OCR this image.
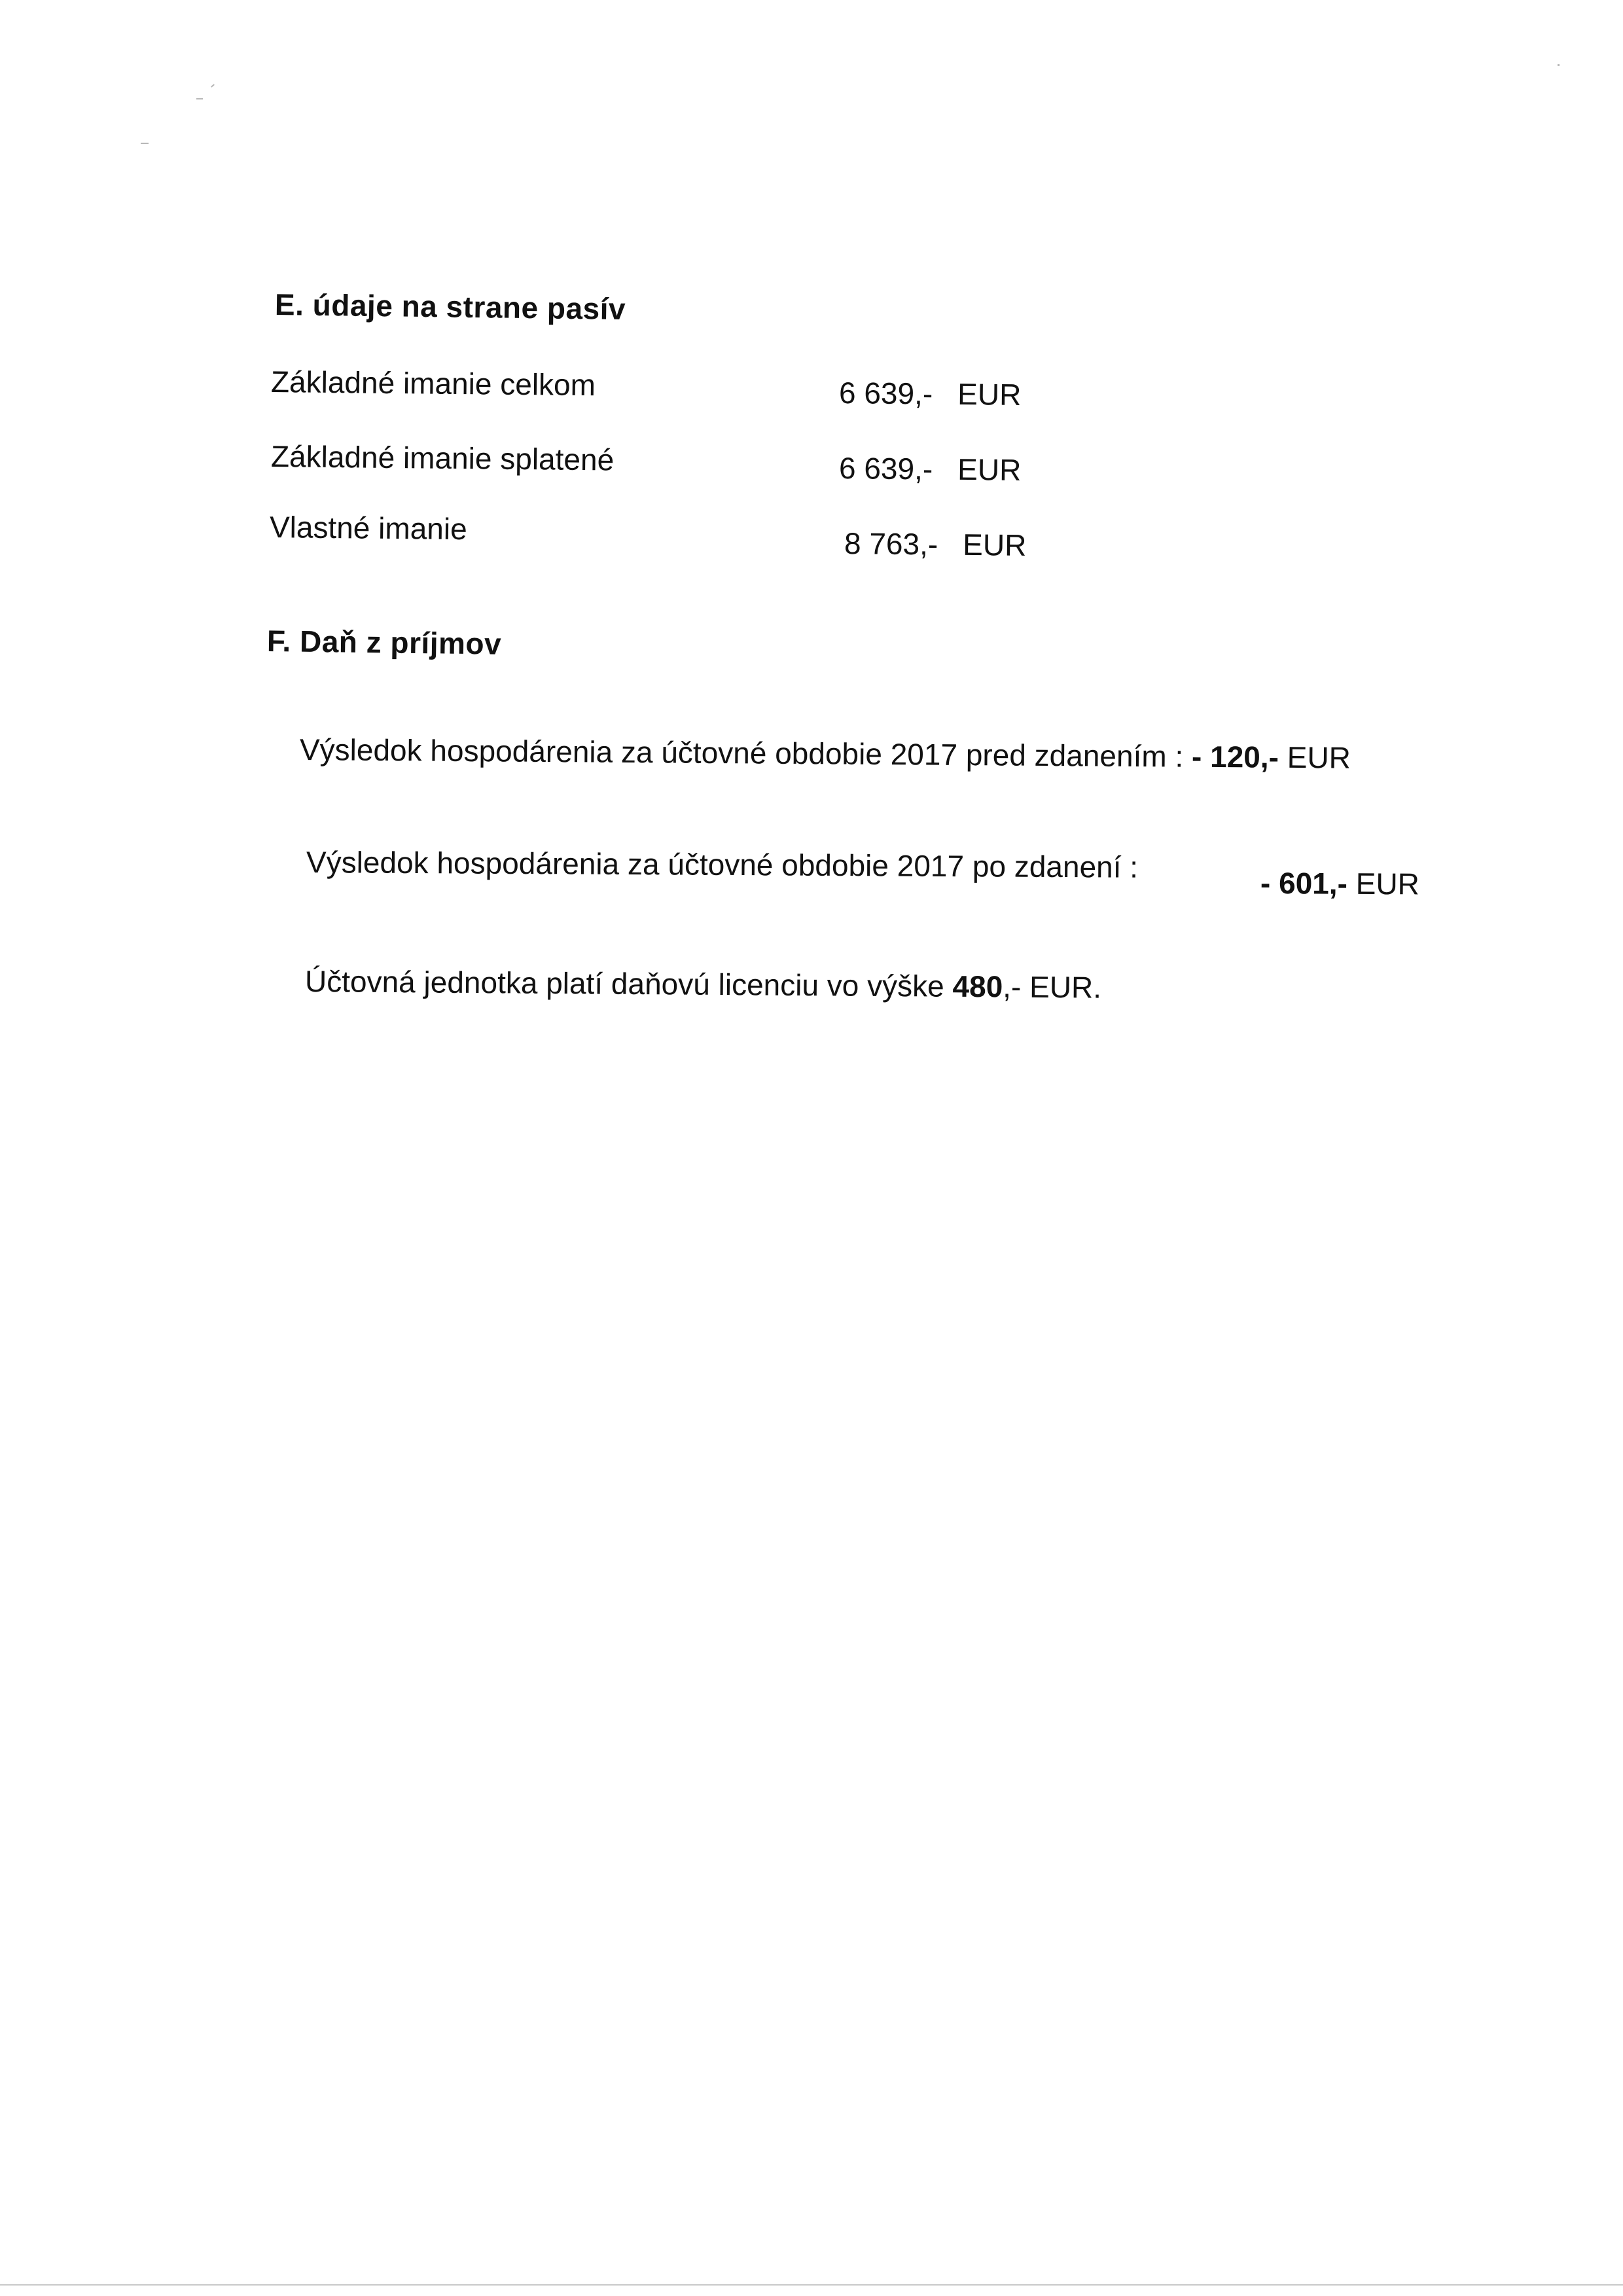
E. údaje na strane pasív
Základné imanie celkom	6 639,- EUR
Základné imanie splatené	6 639,- EUR
Vlastné imanie	8 763,- EUR
F. Daň z príjmov
Výsledok hospodárenia za účtovné obdobie 2017 pred zdanením : - 120,- EUR
Výsledok hospodárenia za účtovné obdobie 2017 po zdanení :	- 601,- EUR
Účtovná jednotka platí daňovú licenciu vo výške 480,- EUR.
